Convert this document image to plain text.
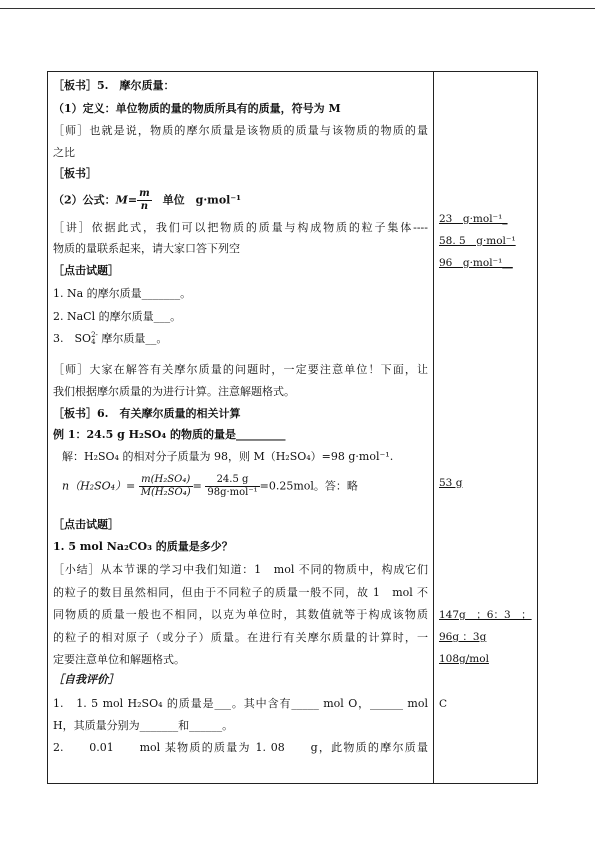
［板书］5.　摩尔质量：
（1）定义：单位物质的量的物质所具有的质量，符号为 M
［师］也就是说，物质的摩尔质量是该物质的质量与该物质的物质的量
之比
［板书］
（2）公式：$M= \frac{m}{n}$ 　单位　g·mol⁻¹
［讲］依据此式，我们可以把物质的质量与构成物质的粒子集体----
物质的量联系起来，请大家口答下列空
［点击试题］
1. Na 的摩尔质量_______。
2. NaCl 的摩尔质量___。
3.　SO 2-
4 摩尔质量__。
［师］大家在解答有关摩尔质量的问题时，一定要注意单位！下面，让
我们根据摩尔质量的为进行计算。注意解题格式。
［板书］6.　有关摩尔质量的相关计算
例 1：24.5 g H₂SO₄ 的物质的量是_________
解：H₂SO₄ 的相对分子质量为 98，则 M（H₂SO₄）=98 g·mol⁻¹.
$n(H_2SO_4)= \frac{\text{m(H₂SO₄)}}{\text{M(H₂SO₄)}} = \frac{24.5 g}{\text{98g·mol⁻¹}} =0.25mol$。答：略
［点击试题］
1. 5 mol Na₂CO₃ 的质量是多少？
［小结］从本节课的学习中我们知道：1　mol 不同的物质中，构成它们
的粒子的数目虽然相同，但由于不同粒子的质量一般不同，故 1　mol 不
同物质的质量一般也不相同，以克为单位时，其数值就等于构成该物质
的粒子的相对原子（或分子）质量。在进行有关摩尔质量的计算时，一
定要注意单位和解题格式。
［自我评价］
1.　1. 5 mol H₂SO₄ 的质量是___。其中含有_____ mol O，______ mol
H，其质量分别为_______和______。
2.　　0.01　　mol 某物质的质量为 1. 08　　g，此物质的摩尔质量
23　g·mol⁻¹_
58. 5　g·mol⁻¹
96　g·mol⁻¹__
53 g
147g　；6：3　；
96g ：3g
108g/mol
C
